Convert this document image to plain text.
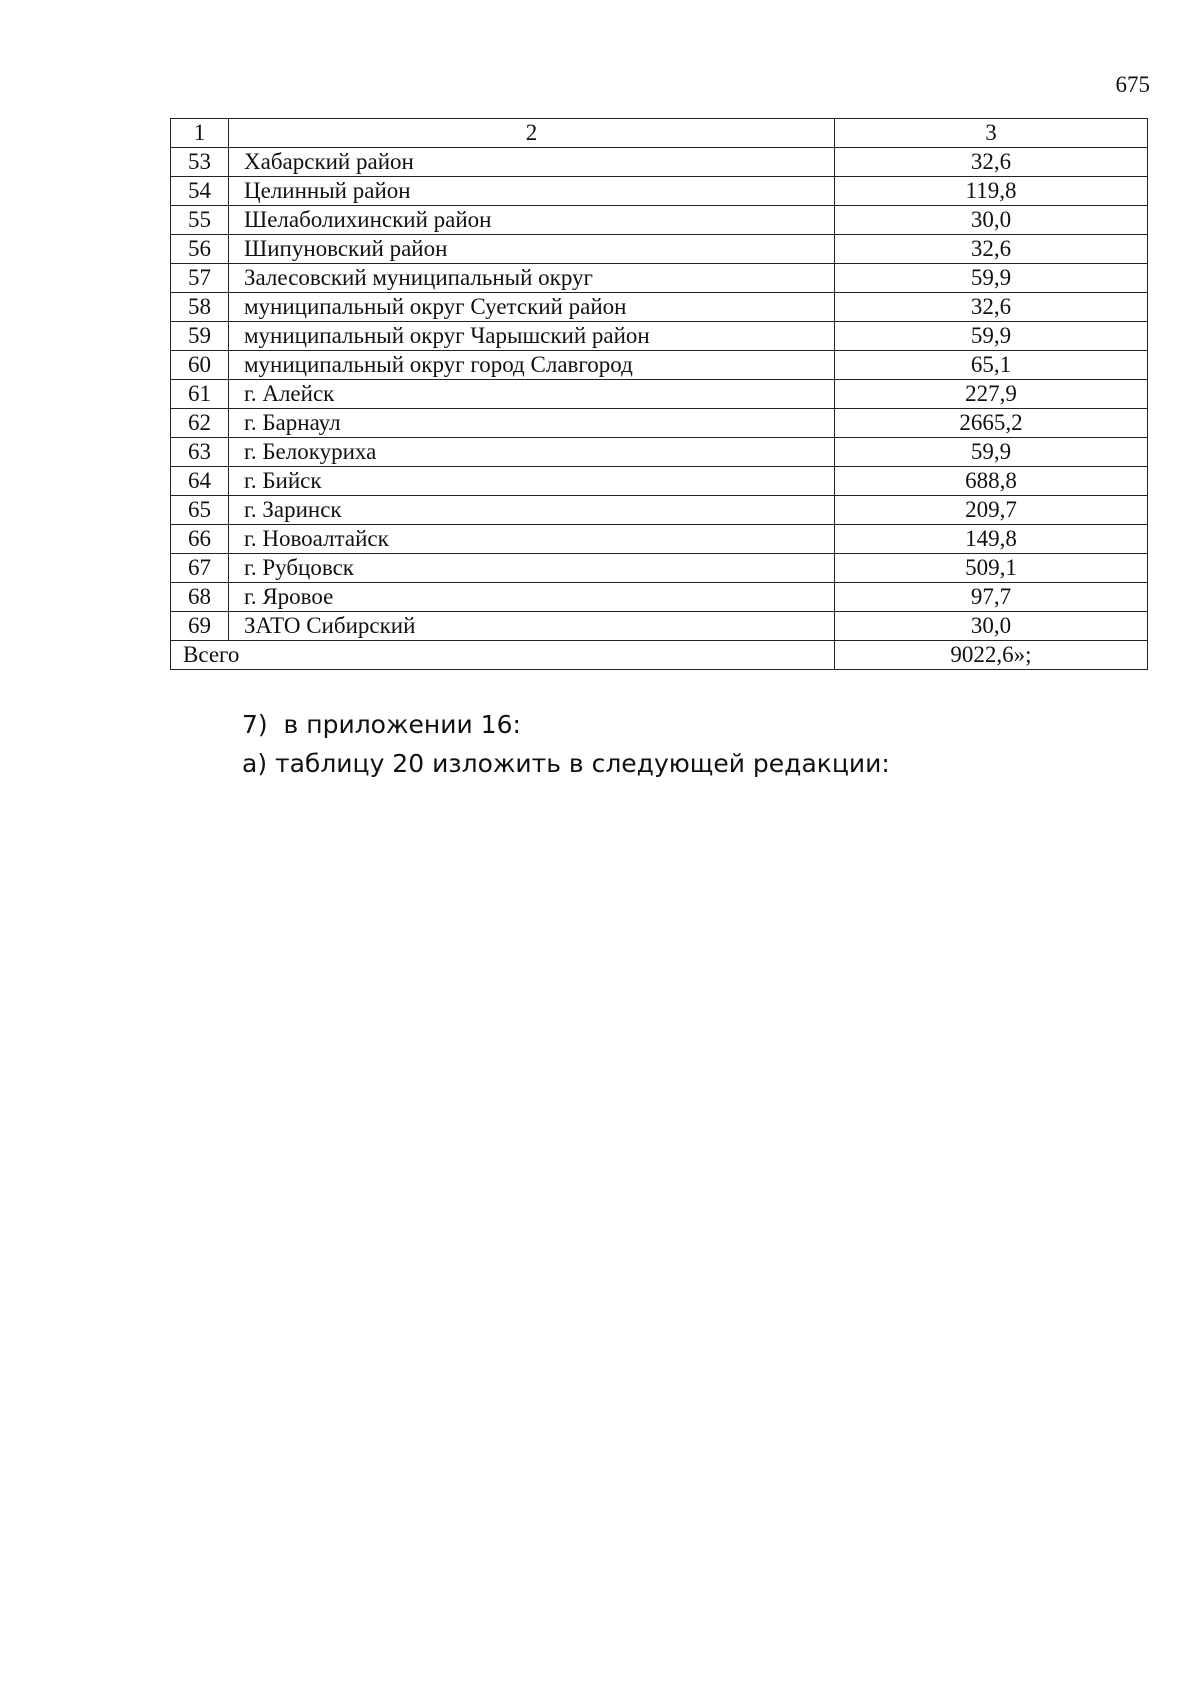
675
1	2	3
53	Хабарский район	32,6
54	Целинный район	119,8
55	Шелаболихинский район	30,0
56	Шипуновский район	32,6
57	Залесовский муниципальный округ	59,9
58	муниципальный округ Суетский район	32,6
59	муниципальный округ Чарышский район	59,9
60	муниципальный округ город Славгород	65,1
61	г. Алейск	227,9
62	г. Барнаул	2665,2
63	г. Белокуриха	59,9
64	г. Бийск	688,8
65	г. Заринск	209,7
66	г. Новоалтайск	149,8
67	г. Рубцовск	509,1
68	г. Яровое	97,7
69	ЗАТО Сибирский	30,0
Всего		9022,6»;
7)  в приложении 16:
а) таблицу 20 изложить в следующей редакции:
